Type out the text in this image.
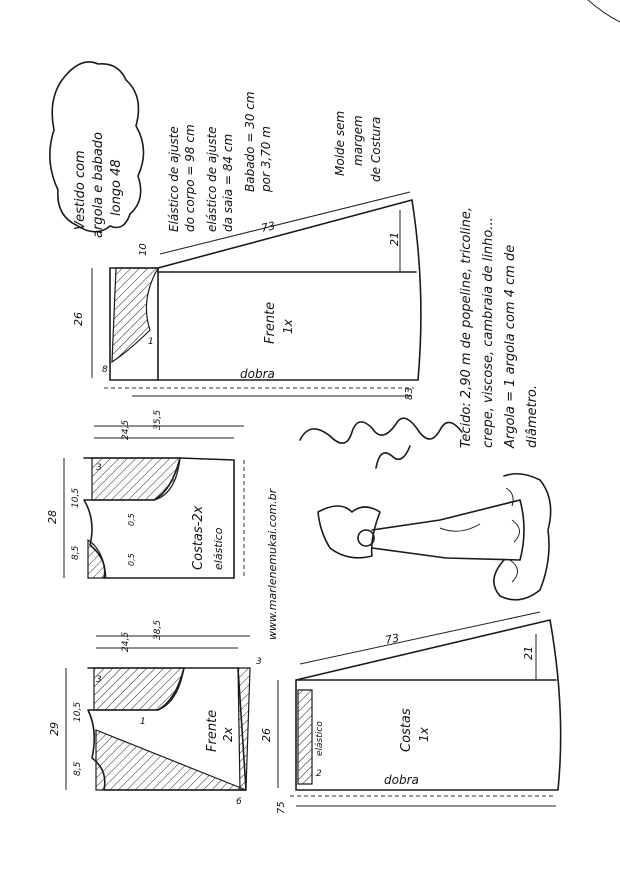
Vestido com argola e babado longo 48	Elástico de ajuste do corpo = 98 cm elástico de ajuste da saia = 84 cm Babado = 30 cm por 3,70 m	Molde sem margem de Costura
Frente 1x
dobra
26
73
10
21
8
1
83
Costas-2x elástico
28
10,5
8,5
24,5 35,5
3
0,5
0,5	www.marlenemukai.com.br
Tecido: 2,90 m de popeline, tricoline, crepe, viscose, cambraia de linho... Argola = 1 argola com 4 cm de diâmetro.
Frente 2x
29
10,5
8,5
24,5
38,5
3
1
6
3
Costas 1x
dobra
elástico
26
73
21
2
75
